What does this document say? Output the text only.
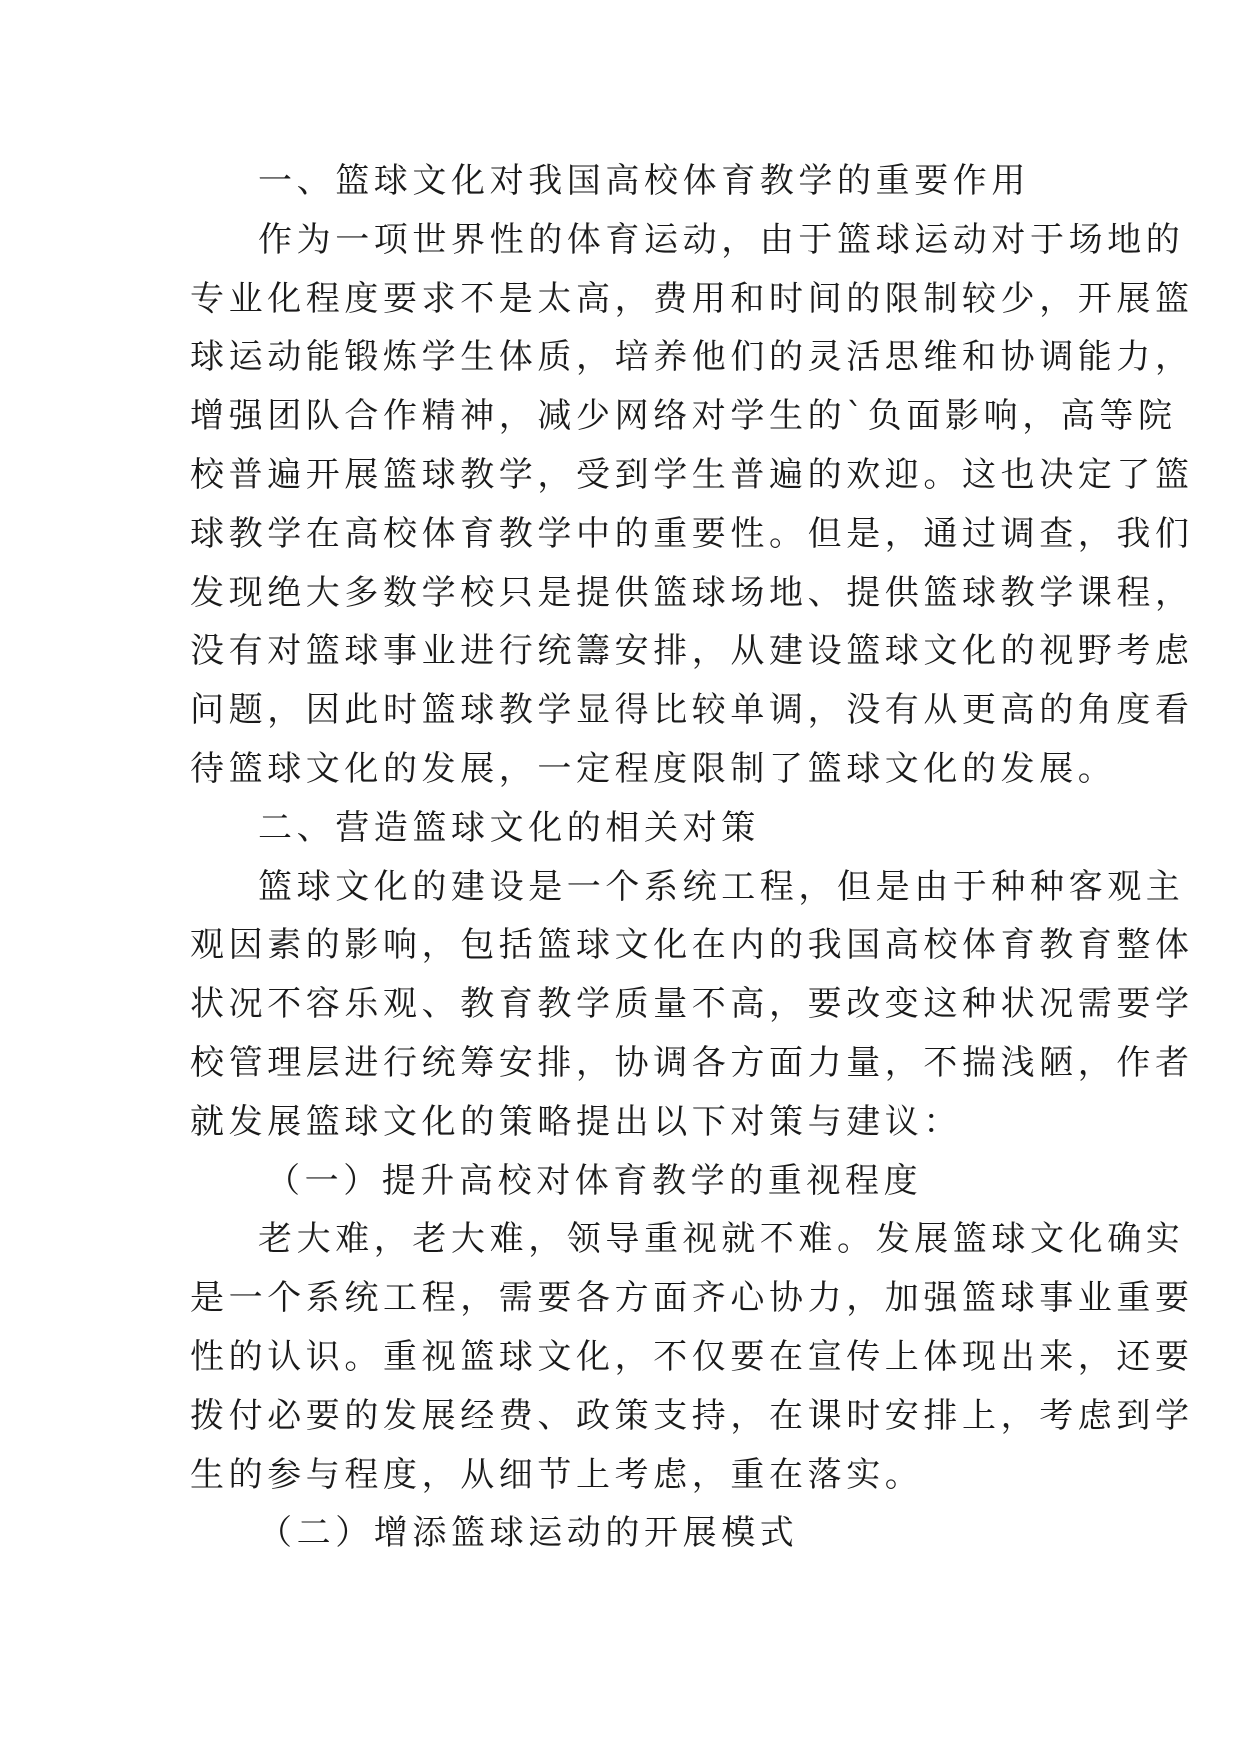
一、篮球文化对我国高校体育教学的重要作用
作为一项世界性的体育运动，由于篮球运动对于场地的
专业化程度要求不是太高，费用和时间的限制较少，开展篮
球运动能锻炼学生体质，培养他们的灵活思维和协调能力，
增强团队合作精神，减少网络对学生的`负面影响，高等院
校普遍开展篮球教学，受到学生普遍的欢迎。这也决定了篮
球教学在高校体育教学中的重要性。但是，通过调查，我们
发现绝大多数学校只是提供篮球场地、提供篮球教学课程，
没有对篮球事业进行统籌安排，从建设篮球文化的视野考虑
问题，因此时篮球教学显得比较单调，没有从更高的角度看
待篮球文化的发展，一定程度限制了篮球文化的发展。
二、营造篮球文化的相关对策
篮球文化的建设是一个系统工程，但是由于种种客观主
观因素的影响，包括篮球文化在内的我国高校体育教育整体
状况不容乐观、教育教学质量不高，要改变这种状况需要学
校管理层进行统筹安排，协调各方面力量，不揣浅陋，作者
就发展篮球文化的策略提出以下对策与建议：
（一）提升高校对体育教学的重视程度
老大难，老大难，领导重视就不难。发展篮球文化确实
是一个系统工程，需要各方面齐心协力，加强篮球事业重要
性的认识。重视篮球文化，不仅要在宣传上体现出来，还要
拨付必要的发展经费、政策支持，在课时安排上，考虑到学
生的参与程度，从细节上考虑，重在落实。
（二）增添篮球运动的开展模式
